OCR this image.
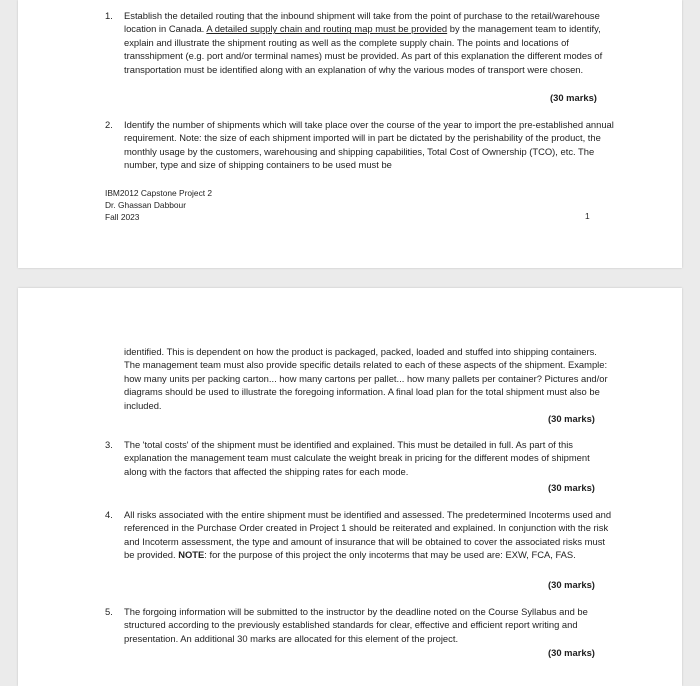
1. Establish the detailed routing that the inbound shipment will take from the point of purchase to the retail/warehouse location in Canada. A detailed supply chain and routing map must be provided by the management team to identify, explain and illustrate the shipment routing as well as the complete supply chain. The points and locations of transshipment (e.g. port and/or terminal names) must be provided. As part of this explanation the different modes of transportation must be identified along with an explanation of why the various modes of transport were chosen.
(30 marks)
2. Identify the number of shipments which will take place over the course of the year to import the pre-established annual requirement. Note: the size of each shipment imported will in part be dictated by the perishability of the product, the monthly usage by the customers, warehousing and shipping capabilities, Total Cost of Ownership (TCO), etc. The number, type and size of shipping containers to be used must be
IBM2012 Capstone Project 2
Dr. Ghassan Dabbour
Fall 2023	1
identified. This is dependent on how the product is packaged, packed, loaded and stuffed into shipping containers. The management team must also provide specific details related to each of these aspects of the shipment. Example: how many units per packing carton... how many cartons per pallet... how many pallets per container? Pictures and/or diagrams should be used to illustrate the foregoing information. A final load plan for the total shipment must also be included.
(30 marks)
3. The 'total costs' of the shipment must be identified and explained. This must be detailed in full. As part of this explanation the management team must calculate the weight break in pricing for the different modes of shipment along with the factors that affected the shipping rates for each mode.
(30 marks)
4. All risks associated with the entire shipment must be identified and assessed. The predetermined Incoterms used and referenced in the Purchase Order created in Project 1 should be reiterated and explained. In conjunction with the risk and Incoterm assessment, the type and amount of insurance that will be obtained to cover the associated risks must be provided. NOTE: for the purpose of this project the only incoterms that may be used are: EXW, FCA, FAS.
(30 marks)
5. The forgoing information will be submitted to the instructor by the deadline noted on the Course Syllabus and be structured according to the previously established standards for clear, effective and efficient report writing and presentation. An additional 30 marks are allocated for this element of the project.
(30 marks)
